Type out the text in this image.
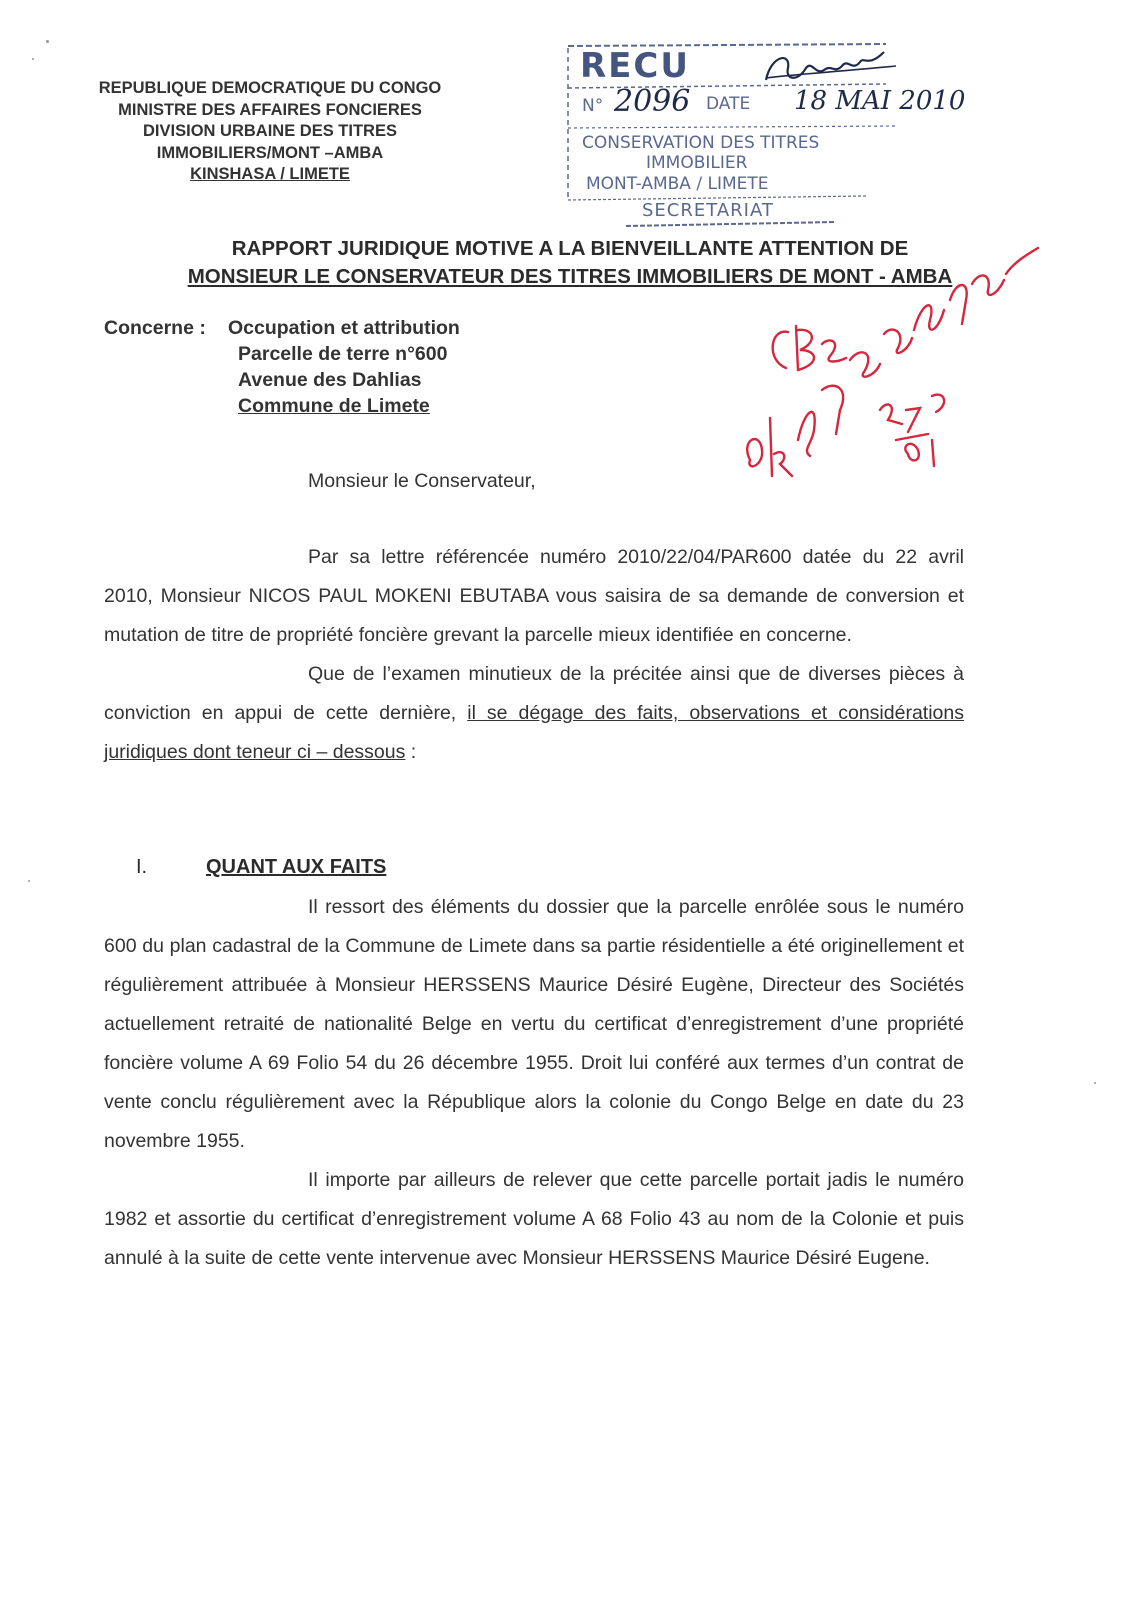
REPUBLIQUE DEMOCRATIQUE DU CONGO
MINISTRE DES AFFAIRES FONCIERES
DIVISION URBAINE DES TITRES
IMMOBILIERS/MONT –AMBA
KINSHASA / LIMETE
RECU
N° 2096 DATE 18 MAI 2010
CONSERVATION DES TITRES
IMMOBILIER
MONT-AMBA / LIMETE
SECRETARIAT
RAPPORT JURIDIQUE MOTIVE A LA BIENVEILLANTE ATTENTION DE
MONSIEUR LE CONSERVATEUR DES TITRES IMMOBILIERS DE MONT - AMBA
Concerne : Occupation et attribution
Parcelle de terre n°600
Avenue des Dahlias
Commune de Limete
Monsieur le Conservateur,

Par sa lettre référencée numéro 2010/22/04/PAR600 datée du 22 avril 2010, Monsieur NICOS PAUL MOKENI EBUTABA vous saisira de sa demande de conversion et mutation de titre de propriété foncière grevant la parcelle mieux identifiée en concerne.

Que de l’examen minutieux de la précitée ainsi que de diverses pièces à conviction en appui de cette dernière, il se dégage des faits, observations et considérations juridiques dont teneur ci – dessous :

I.	QUANT AUX FAITS

Il ressort des éléments du dossier que la parcelle enrôlée sous le numéro 600 du plan cadastral de la Commune de Limete dans sa partie résidentielle a été originellement et régulièrement attribuée à Monsieur HERSSENS Maurice Désiré Eugène, Directeur des Sociétés actuellement retraité de nationalité Belge en vertu du certificat d’enregistrement d’une propriété foncière volume A 69 Folio 54 du 26 décembre 1955. Droit lui conféré aux termes d’un contrat de vente conclu régulièrement avec la République alors la colonie du Congo Belge en date du 23 novembre 1955.

Il importe par ailleurs de relever que cette parcelle portait jadis le numéro 1982 et assortie du certificat d’enregistrement volume A 68 Folio 43 au nom de la Colonie et puis annulé à la suite de cette vente intervenue avec Monsieur HERSSENS Maurice Désiré Eugene.
